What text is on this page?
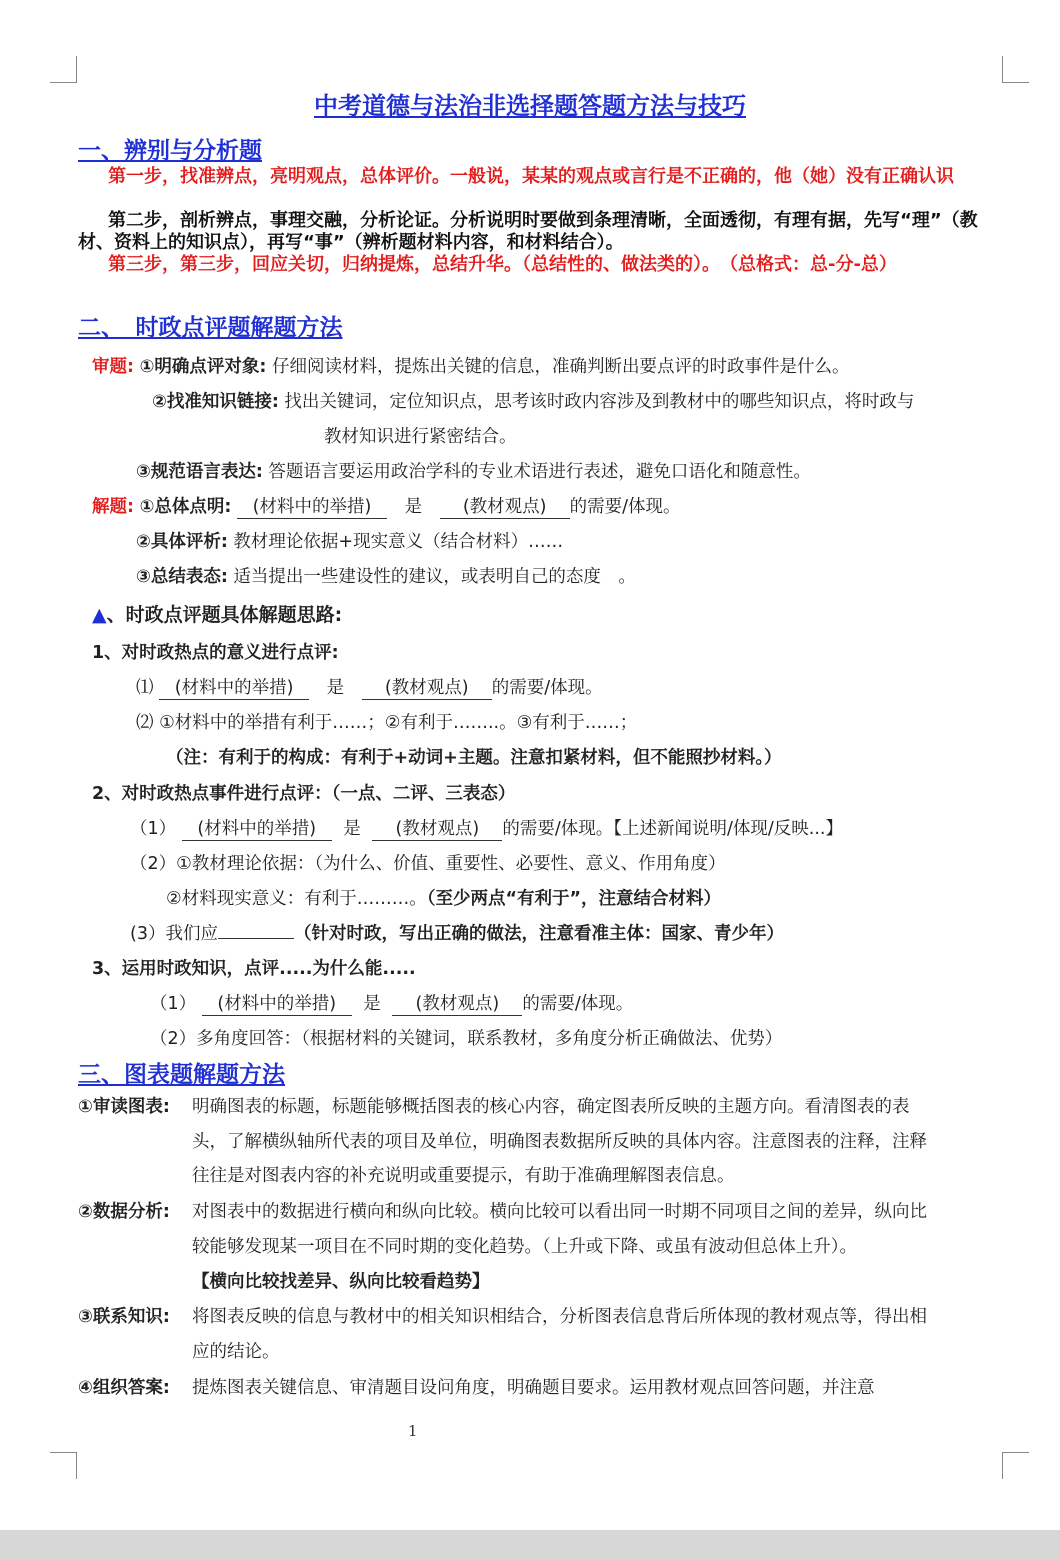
中考道德与法治非选择题答题方法与技巧
一、辨别与分析题
第一步，找准辨点，亮明观点，总体评价。一般说，某某的观点或言行是不正确的，他（她）没有正确认识
第二步，剖析辨点，事理交融，分析论证。分析说明时要做到条理清晰，全面透彻，有理有据，先写“理”（教材、资料上的知识点），再写“事”（辨析题材料内容，和材料结合）。
第三步，第三步，回应关切，归纳提炼，总结升华。（总结性的、做法类的）。　（总格式：总-分-总）
二、　时政点评题解题方法
审题: ①明确点评对象: 仔细阅读材料，提炼出关键的信息，准确判断出要点评的时政事件是什么。
②找准知识链接: 找出关键词，定位知识点，思考该时政内容涉及到教材中的哪些知识点，将时政与
教材知识进行紧密结合。
③规范语言表达: 答题语言要运用政治学科的专业术语进行表述，避免口语化和随意性。
解题: ①总体点明: (材料中的举措) 是 (教材观点) 的需要/体现。
②具体评析: 教材理论依据+现实意义（结合材料）……
③总结表态: 适当提出一些建设性的建议，或表明自己的态度　。
▲、时政点评题具体解题思路:
1、对时政热点的意义进行点评:
⑴ (材料中的举措) 是 (教材观点) 的需要/体现。
⑵ ①材料中的举措有利于……；②有利于……..。③有利于……；
（注：有利于的构成：有利于+动词+主题。注意扣紧材料，但不能照抄材料。）
2、对时政热点事件进行点评：（一点、二评、三表态）
（1） (材料中的举措) 是 (教材观点) 的需要/体现。【上述新闻说明/体现/反映...】
（2）①教材理论依据：（为什么、价值、重要性、必要性、意义、作用角度）
②材料现实意义：有利于………。（至少两点“有利于”，注意结合材料）
(3）我们应	（针对时政，写出正确的做法，注意看准主体：国家、青少年）
3、运用时政知识，点评.....为什么能.....
（1） (材料中的举措) 是 (教材观点) 的需要/体现。
（2）多角度回答：（根据材料的关键词，联系教材，多角度分析正确做法、优势）
三、图表题解题方法
①审读图表: 明确图表的标题，标题能够概括图表的核心内容，确定图表所反映的主题方向。看清图表的表
头，了解横纵轴所代表的项目及单位，明确图表数据所反映的具体内容。注意图表的注释，注释
往往是对图表内容的补充说明或重要提示，有助于准确理解图表信息。
②数据分析: 对图表中的数据进行横向和纵向比较。横向比较可以看出同一时期不同项目之间的差异，纵向比
较能够发现某一项目在不同时期的变化趋势。（上升或下降、或虽有波动但总体上升）。
【横向比较找差异、纵向比较看趋势】
③联系知识: 将图表反映的信息与教材中的相关知识相结合，分析图表信息背后所体现的教材观点等，得出相
应的结论。
④组织答案: 提炼图表关键信息、审清题目设问角度，明确题目要求。运用教材观点回答问题，并注意
1
